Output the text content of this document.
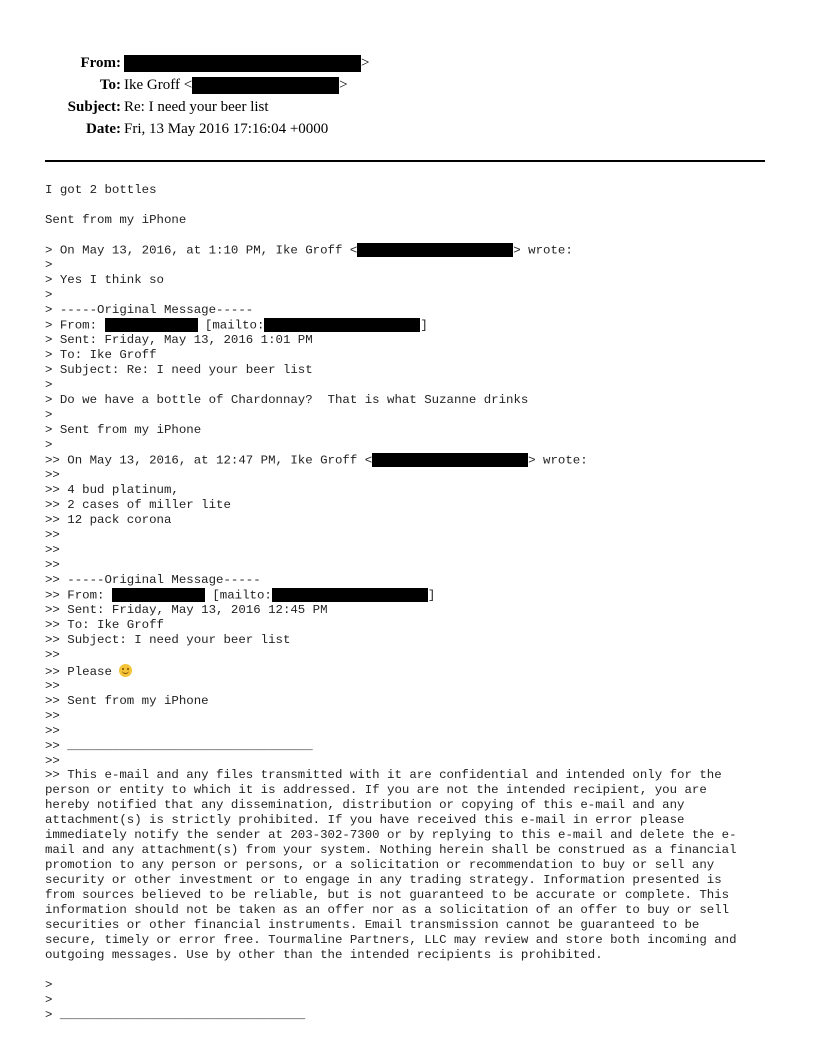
From:	>
To: Ike Groff <	>
Subject: Re: I need your beer list
Date: Fri, 13 May 2016 17:16:04 +0000
I got 2 bottles
Sent from my iPhone
> On May 13, 2016, at 1:10 PM, Ike Groff <	> wrote:
>
> Yes I think so
>
> -----Original Message-----
> From:	[mailto:	]
> Sent: Friday, May 13, 2016 1:01 PM
> To: Ike Groff
> Subject: Re: I need your beer list
>
> Do we have a bottle of Chardonnay?  That is what Suzanne drinks
>
> Sent from my iPhone
>
>> On May 13, 2016, at 12:47 PM, Ike Groff <	> wrote:
>>
>> 4 bud platinum,
>> 2 cases of miller lite
>> 12 pack corona
>>
>>
>>
>> -----Original Message-----
>> From:	[mailto:	]
>> Sent: Friday, May 13, 2016 12:45 PM
>> To: Ike Groff
>> Subject: I need your beer list
>>
>> Please
>>
>> Sent from my iPhone
>>
>>
>> _________________________________
>>
>> This e-mail and any files transmitted with it are confidential and intended only for the
person or entity to which it is addressed. If you are not the intended recipient, you are
hereby notified that any dissemination, distribution or copying of this e-mail and any
attachment(s) is strictly prohibited. If you have received this e-mail in error please
immediately notify the sender at 203-302-7300 or by replying to this e-mail and delete the e-
mail and any attachment(s) from your system. Nothing herein shall be construed as a financial
promotion to any person or persons, or a solicitation or recommendation to buy or sell any
security or other investment or to engage in any trading strategy. Information presented is
from sources believed to be reliable, but is not guaranteed to be accurate or complete. This
information should not be taken as an offer nor as a solicitation of an offer to buy or sell
securities or other financial instruments. Email transmission cannot be guaranteed to be
secure, timely or error free. Tourmaline Partners, LLC may review and store both incoming and
outgoing messages. Use by other than the intended recipients is prohibited.
>
>
> _________________________________
